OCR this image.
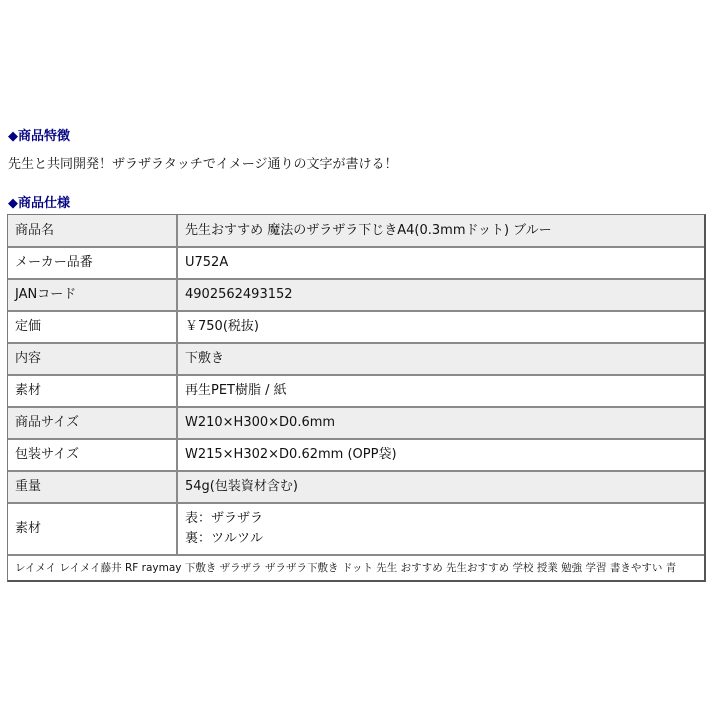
◆商品特徴
先生と共同開発！ザラザラタッチでイメージ通りの文字が書ける！
◆商品仕様
商品名	先生おすすめ 魔法のザラザラ下じきA4(0.3mmドット) ブルー
メーカー品番	U752A
JANコード	4902562493152
定価	￥750(税抜)
内容	下敷き
素材	再生PET樹脂 / 紙
商品サイズ	W210×H300×D0.6mm
包装サイズ	W215×H302×D0.62mm (OPP袋)
重量	54g(包装資材含む)
素材	表：ザラザラ
裏：ツルツル

レイメイ レイメイ藤井 RF raymay 下敷き ザラザラ ザラザラ下敷き ドット 先生 おすすめ 先生おすすめ 学校 授業 勉強 学習 書きやすい 青	
